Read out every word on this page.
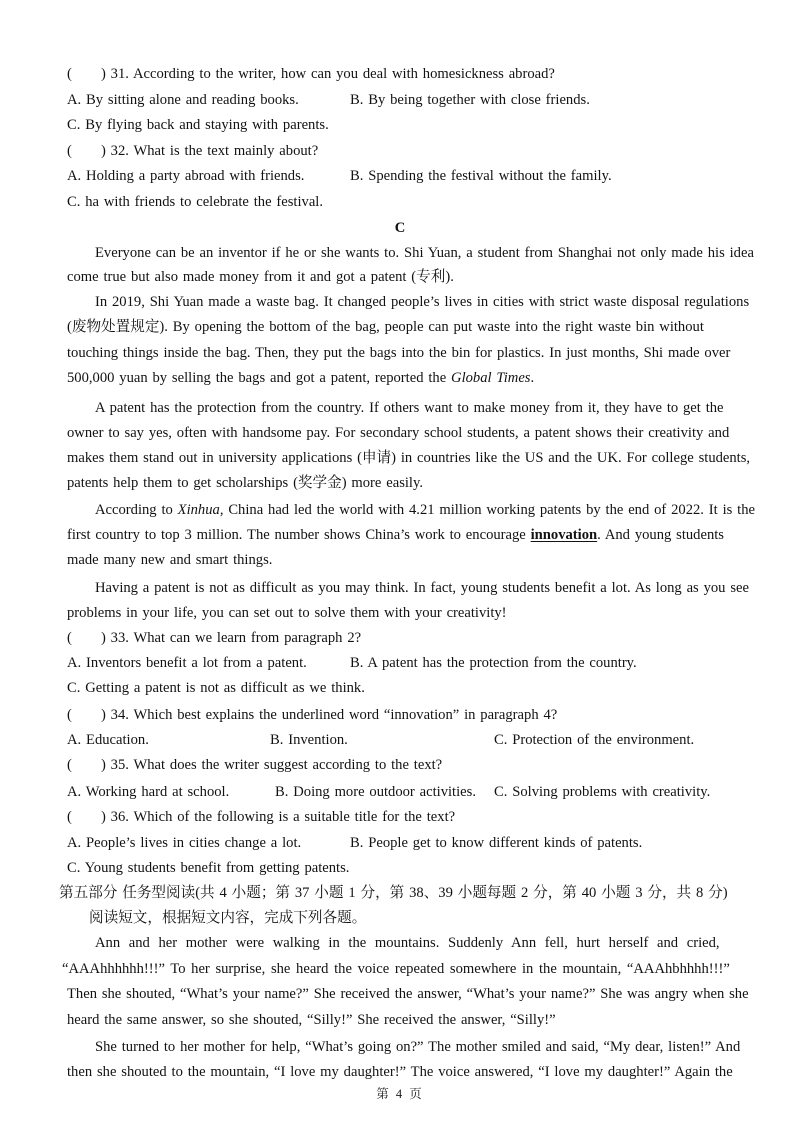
(      ) 31. According to the writer, how can you deal with homesickness abroad?
A. By sitting alone and reading books.	B. By being together with close friends.
C. By flying back and staying with parents.
(      ) 32. What is the text mainly about?
A. Holding a party abroad with friends.	B. Spending the festival without the family.
C. ha with friends to celebrate the festival.
C
Everyone can be an inventor if he or she wants to. Shi Yuan, a student from Shanghai not only made his idea
come true but also made money from it and got a patent (专利).
In 2019, Shi Yuan made a waste bag. It changed people’s lives in cities with strict waste disposal regulations
(废物处置规定). By opening the bottom of the bag, people can put waste into the right waste bin without
touching things inside the bag. Then, they put the bags into the bin for plastics. In just months, Shi made over
500,000 yuan by selling the bags and got a patent, reported the Global Times.
A patent has the protection from the country. If others want to make money from it, they have to get the
owner to say yes, often with handsome pay. For secondary school students, a patent shows their creativity and
makes them stand out in university applications (申请) in countries like the US and the UK. For college students,
patents help them to get scholarships (奖学金) more easily.
According to Xinhua, China had led the world with 4.21 million working patents by the end of 2022. It is the
first country to top 3 million. The number shows China’s work to encourage innovation. And young students
made many new and smart things.
Having a patent is not as difficult as you may think. In fact, young students benefit a lot. As long as you see
problems in your life, you can set out to solve them with your creativity!
(      ) 33. What can we learn from paragraph 2?
A. Inventors benefit a lot from a patent.	B. A patent has the protection from the country.
C. Getting a patent is not as difficult as we think.
(      ) 34. Which best explains the underlined word “innovation” in paragraph 4?
A. Education.	B. Invention.	C. Protection of the environment.
(      ) 35. What does the writer suggest according to the text?
A. Working hard at school.	B. Doing more outdoor activities. C. Solving problems with creativity.
(      ) 36. Which of the following is a suitable title for the text?
A. People’s lives in cities change a lot.	B. People get to know different kinds of patents.
C. Young students benefit from getting patents.
第五部分 任务型阅读(共 4 小题；第 37 小题 1 分，第 38、39 小题每题 2 分，第 40 小题 3 分，共 8 分)
阅读短文，根据短文内容，完成下列各题。
Ann and her mother were walking in the mountains. Suddenly Ann fell, hurt herself and cried,
“AAAhhhhhh!!!” To her surprise, she heard the voice repeated somewhere in the mountain, “AAAhbhhhh!!!”
Then she shouted, “What’s your name?” She received the answer, “What’s your name?” She was angry when she
heard the same answer, so she shouted, “Silly!” She received the answer, “Silly!”
She turned to her mother for help, “What’s going on?” The mother smiled and said, “My dear, listen!” And
then she shouted to the mountain, “I love my daughter!” The voice answered, “I love my daughter!” Again the
第 4 页
